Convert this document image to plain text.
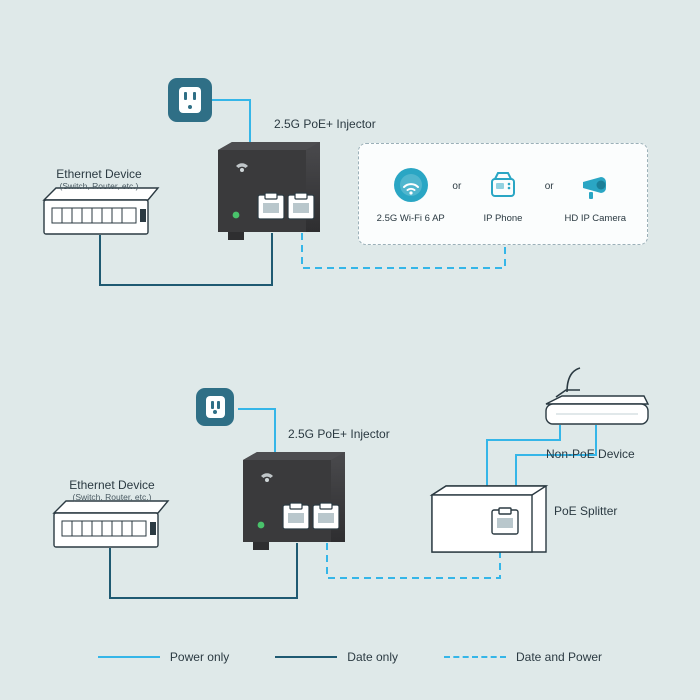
2.5G Wi-Fi 6 AP
or
IP Phone
or
HD IP Camera
Ethernet Device
(Switch, Router, etc.)
2.5G PoE+ Injector
Ethernet Device
(Switch, Router, etc.)
2.5G PoE+ Injector
Non-PoE Device
PoE Splitter
Power only	Date only	Date and Power
